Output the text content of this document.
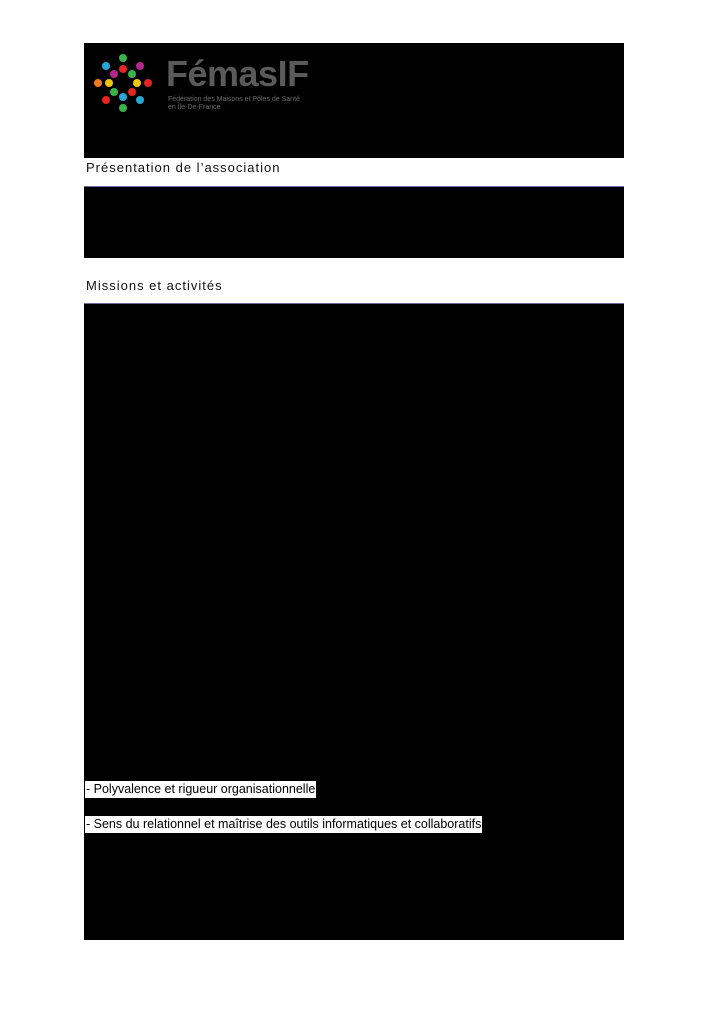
FémasIF
Fédération des Maisons et Pôles de Santé
en Île-De-France
Présentation de l’association
Missions et activités
- Polyvalence et rigueur organisationnelle
- Sens du relationnel et maîtrise des outils informatiques et collaboratifs
